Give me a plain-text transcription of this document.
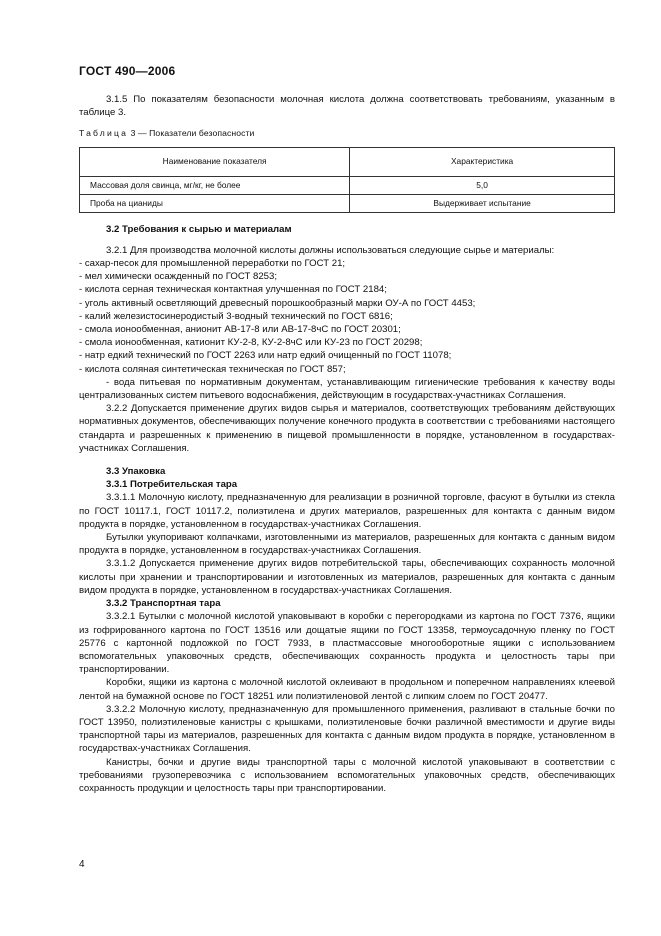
ГОСТ 490—2006

3.1.5 По показателям безопасности молочная кислота должна соответствовать требованиям, указанным в таблице 3.

Таблица 3 — Показатели безопасности
Наименование показателя	Характеристика
Массовая доля свинца, мг/кг, не более	5,0
Проба на цианиды	Выдерживает испытание

3.2 Требования к сырью и материалам

3.2.1 Для производства молочной кислоты должны использоваться следующие сырье и материалы:

- сахар-песок для промышленной переработки по ГОСТ 21;

- мел химически осажденный по ГОСТ 8253;

- кислота серная техническая контактная улучшенная по ГОСТ 2184;

- уголь активный осветляющий древесный порошкообразный марки ОУ-А по ГОСТ 4453;

- калий железистосинеродистый 3-водный технический по ГОСТ 6816;

- смола ионообменная, анионит АВ-17-8 или АВ-17-8чС по ГОСТ 20301;

- смола ионообменная, катионит КУ-2-8, КУ-2-8чС или КУ-23 по ГОСТ 20298;

- натр едкий технический по ГОСТ 2263 или натр едкий очищенный по ГОСТ 11078;

- кислота соляная синтетическая техническая по ГОСТ 857;

- вода питьевая по нормативным документам, устанавливающим гигиенические требования к качеству воды централизованных систем питьевого водоснабжения, действующим в государствах-участниках Соглашения.

3.2.2 Допускается применение других видов сырья и материалов, соответствующих требованиям действующих нормативных документов, обеспечивающих получение конечного продукта в соответствии с требованиями настоящего стандарта и разрешенных к применению в пищевой промышленности в порядке, установленном в государствах-участниках Соглашения.

3.3 Упаковка

3.3.1 Потребительская тара

3.3.1.1 Молочную кислоту, предназначенную для реализации в розничной торговле, фасуют в бутылки из стекла по ГОСТ 10117.1, ГОСТ 10117.2, полиэтилена и других материалов, разрешенных для контакта с данным видом продукта в порядке, установленном в государствах-участниках Соглашения.

Бутылки укупоривают колпачками, изготовленными из материалов, разрешенных для контакта с данным видом продукта в порядке, установленном в государствах-участниках Соглашения.

3.3.1.2 Допускается применение других видов потребительской тары, обеспечивающих сохранность молочной кислоты при хранении и транспортировании и изготовленных из материалов, разрешенных для контакта с данным видом продукта в порядке, установленном в государствах-участниках Соглашения.

3.3.2 Транспортная тара

3.3.2.1 Бутылки с молочной кислотой упаковывают в коробки с перегородками из картона по ГОСТ 7376, ящики из гофрированного картона по ГОСТ 13516 или дощатые ящики по ГОСТ 13358, термоусадочную пленку по ГОСТ 25776 с картонной подложкой по ГОСТ 7933, в пластмассовые многооборотные ящики с использованием вспомогательных упаковочных средств, обеспечивающих сохранность продукта и целостность тары при транспортировании.

Коробки, ящики из картона с молочной кислотой оклеивают в продольном и поперечном направлениях клеевой лентой на бумажной основе по ГОСТ 18251 или полиэтиленовой лентой с липким слоем по ГОСТ 20477.

3.3.2.2 Молочную кислоту, предназначенную для промышленного применения, разливают в стальные бочки по ГОСТ 13950, полиэтиленовые канистры с крышками, полиэтиленовые бочки различной вместимости и другие виды транспортной тары из материалов, разрешенных для контакта с данным видом продукта в порядке, установленном в государствах-участниках Соглашения.

Канистры, бочки и другие виды транспортной тары с молочной кислотой упаковывают в соответствии с требованиями грузоперевозчика с использованием вспомогательных упаковочных средств, обеспечивающих сохранность продукции и целостность тары при транспортировании.

4
